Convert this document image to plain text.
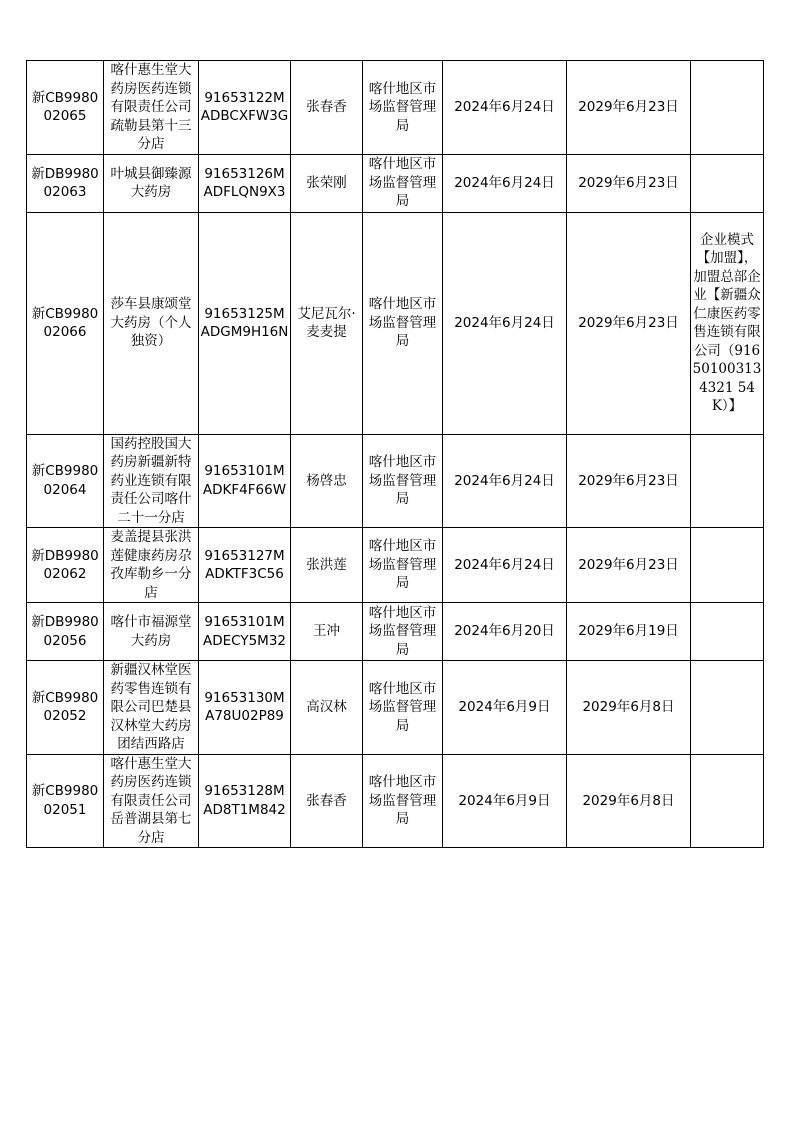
新CB998002065	喀什惠生堂大药房医药连锁有限责任公司疏勒县第十三分店	91653122MADBCXFW3G	张春香	喀什地区市场监督管理局	2024年6月24日	2029年6月23日	
新DB998002063	叶城县御臻源大药房	91653126MADFLQN9X3	张荣刚	喀什地区市场监督管理局	2024年6月24日	2029年6月23日	
新CB998002066	莎车县康颂堂大药房（个人独资）	91653125MADGM9H16N	艾尼瓦尔·麦麦提	喀什地区市场监督管理局	2024年6月24日	2029年6月23日	企业模式【加盟】，加盟总部企业【新疆众仁康医药零售连锁有限公司（916501003134321 54K）】
新CB998002064	国药控股国大药房新疆新特药业连锁有限责任公司喀什二十一分店	91653101MADKF4F66W	杨啓忠	喀什地区市场监督管理局	2024年6月24日	2029年6月23日	
新DB998002062	麦盖提县张洪莲健康药房尕孜库勒乡一分店	91653127MADKTF3C56	张洪莲	喀什地区市场监督管理局	2024年6月24日	2029年6月23日	
新DB998002056	喀什市福源堂大药房	91653101MADECY5M32	王冲	喀什地区市场监督管理局	2024年6月20日	2029年6月19日	
新CB998002052	新疆汉林堂医药零售连锁有限公司巴楚县汉林堂大药房团结西路店	91653130MA78U02P89	高汉林	喀什地区市场监督管理局	2024年6月9日	2029年6月8日	
新CB998002051	喀什惠生堂大药房医药连锁有限责任公司岳普湖县第七分店	91653128MAD8T1M842	张春香	喀什地区市场监督管理局	2024年6月9日	2029年6月8日	
